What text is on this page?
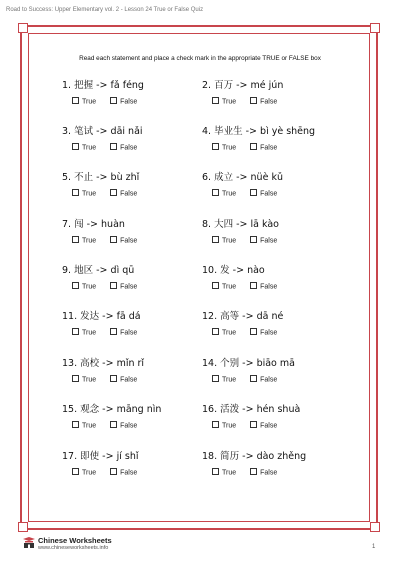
Road to Success: Upper Elementary vol. 2 - Lesson 24 True or False Quiz
Read each statement and place a check mark in the appropriate TRUE or FALSE box
1. 把握 -> fǎ féng
True	False
2. 百万 -> mé jún
True	False
3. 笔试 -> dāi nǎi
True	False
4. 毕业生 -> bì yè shēng
True	False
5. 不止 -> bù zhǐ
True	False
6. 成立 -> nüè kǔ
True	False
7. 闯 -> huàn
True	False
8. 大四 -> lā kào
True	False
9. 地区 -> dì qū
True	False
10. 发 -> nào
True	False
11. 发达 -> fā dá
True	False
12. 高等 -> dā né
True	False
13. 高校 -> mǐn rǐ
True	False
14. 个别 -> biāo mā
True	False
15. 观念 -> māng nìn
True	False
16. 活泼 -> hén shuà
True	False
17. 即使 -> jí shǐ
True	False
18. 简历 -> dào zhěng
True	False
Chinese Worksheets
www.chineseworksheets.info	1
